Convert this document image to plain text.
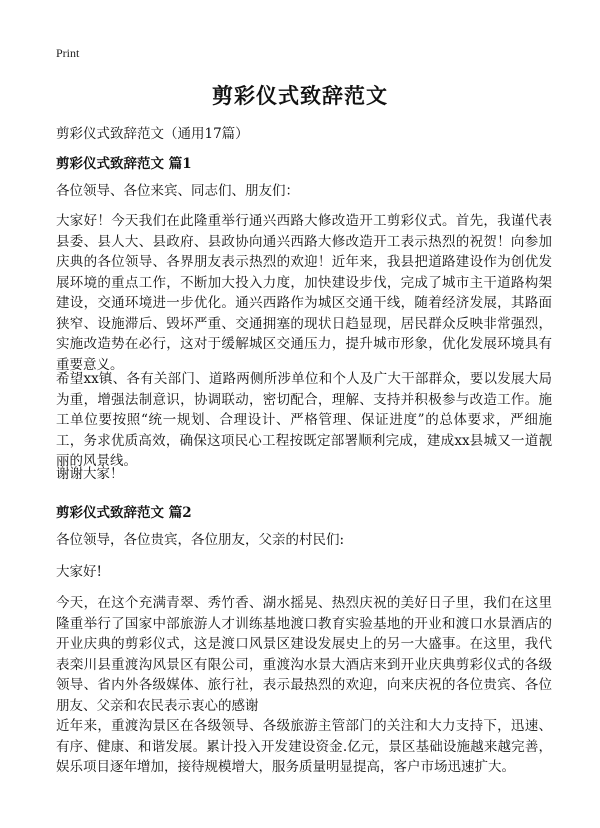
Print
剪彩仪式致辞范文
剪彩仪式致辞范文（通用17篇）
剪彩仪式致辞范文 篇1

各位领导、各位来宾、同志们、朋友们：

大家好！今天我们在此隆重举行通兴西路大修改造开工剪彩仪式。首先，我谨代表县委、县人大、县政府、县政协向通兴西路大修改造开工表示热烈的祝贺！向参加庆典的各位领导、各界朋友表示热烈的欢迎！近年来，我县把道路建设作为创优发展环境的重点工作，不断加大投入力度，加快建设步伐，完成了城市主干道路构架建设，交通环境进一步优化。通兴西路作为城区交通干线，随着经济发展，其路面狭窄、设施滞后、毁坏严重、交通拥塞的现状日趋显现，居民群众反映非常强烈，实施改造势在必行，这对于缓解城区交通压力，提升城市形象，优化发展环境具有重要意义。

希望xx镇、各有关部门、道路两侧所涉单位和个人及广大干部群众，要以发展大局为重，增强法制意识，协调联动，密切配合，理解、支持并积极参与改造工作。施工单位要按照“统一规划、合理设计、严格管理、保证进度”的总体要求，严细施工，务求优质高效，确保这项民心工程按既定部署顺利完成，建成xx县城又一道靓丽的风景线。

谢谢大家！

剪彩仪式致辞范文 篇2

各位领导，各位贵宾，各位朋友，父亲的村民们:

大家好!

今天，在这个充满青翠、秀竹香、湖水摇晃、热烈庆祝的美好日子里，我们在这里隆重举行了国家中部旅游人才训练基地渡口教育实验基地的开业和渡口水景酒店的开业庆典的剪彩仪式，这是渡口风景区建设发展史上的另一大盛事。在这里，我代表栾川县重渡沟风景区有限公司，重渡沟水景大酒店来到开业庆典剪彩仪式的各级领导、省内外各级媒体、旅行社，表示最热烈的欢迎，向来庆祝的各位贵宾、各位朋友、父亲和农民表示衷心的感谢

近年来，重渡沟景区在各级领导、各级旅游主管部门的关注和大力支持下，迅速、有序、健康、和谐发展。累计投入开发建设资金.亿元，景区基础设施越来越完善，娱乐项目逐年增加，接待规模增大，服务质量明显提高，客户市场迅速扩大。
